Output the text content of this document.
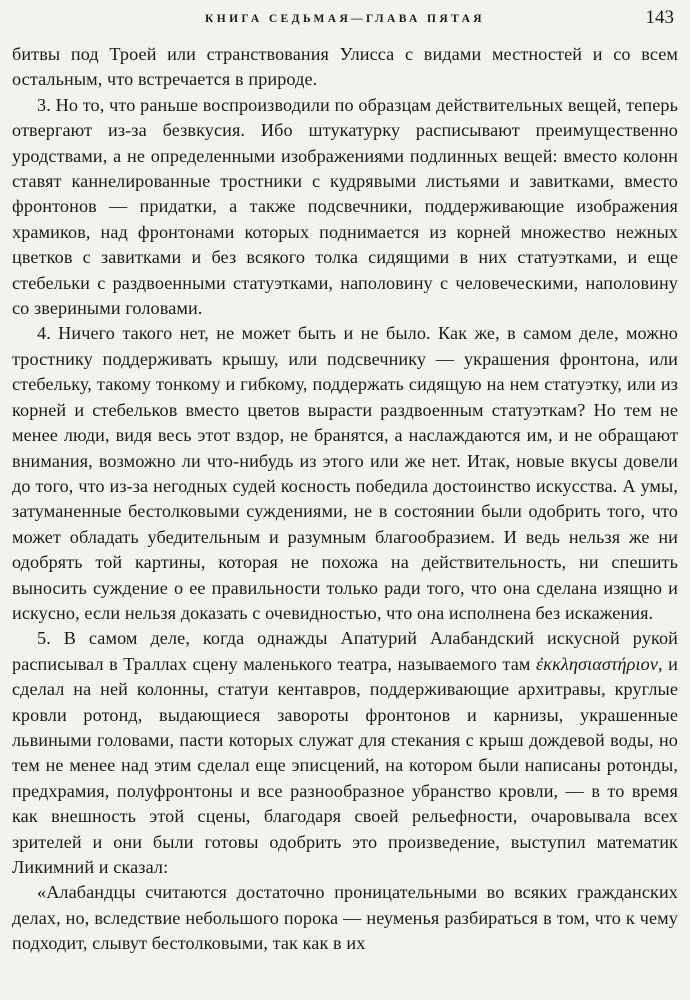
КНИГА СЕДЬМАЯ—ГЛАВА ПЯТАЯ	143

битвы под Троей или странствования Улисса с видами местностей и со всем остальным, что встречается в природе.

3. Но то, что раньше воспроизводили по образцам действительных вещей, теперь отвергают из-за безвкусия. Ибо штукатурку расписывают преимущественно уродствами, а не определенными изображениями подлинных вещей: вместо колонн ставят каннелированные тростники с кудрявыми листьями и завитками, вместо фронтонов — придатки, а также подсвечники, поддерживающие изображения храмиков, над фронтонами которых поднимается из корней множество нежных цветков с завитками и без всякого толка сидящими в них статуэтками, и еще стебельки с раздвоенными статуэтками, наполовину с человеческими, наполовину со звериными головами.

4. Ничего такого нет, не может быть и не было. Как же, в самом деле, можно тростнику поддерживать крышу, или подсвечнику — украшения фронтона, или стебельку, такому тонкому и гибкому, поддержать сидящую на нем статуэтку, или из корней и стебельков вместо цветов вырасти раздвоенным статуэткам? Но тем не менее люди, видя весь этот вздор, не бранятся, а наслаждаются им, и не обращают внимания, возможно ли что-нибудь из этого или же нет. Итак, новые вкусы довели до того, что из-за негодных судей косность победила достоинство искусства. А умы, затуманенные бестолковыми суждениями, не в состоянии были одобрить того, что может обладать убедительным и разумным благообразием. И ведь нельзя же ни одобрять той картины, которая не похожа на действительность, ни спешить выносить суждение о ее правильности только ради того, что она сделана изящно и искусно, если нельзя доказать с очевидностью, что она исполнена без искажения.

5. В самом деле, когда однажды Апатурий Алабандский искусной рукой расписывал в Траллах сцену маленького театра, называемого там ἐκκλησιαστήριον, и сделал на ней колонны, статуи кентавров, поддерживающие архитравы, круглые кровли ротонд, выдающиеся завороты фронтонов и карнизы, украшенные львиными головами, пасти которых служат для стекания с крыш дождевой воды, но тем не менее над этим сделал еще эписцений, на котором были написаны ротонды, предхрамия, полуфронтоны и все разнообразное убранство кровли, — в то время как внешность этой сцены, благодаря своей рельефности, очаровывала всех зрителей и они были готовы одобрить это произведение, выступил математик Ликимний и сказал:

«Алабандцы считаются достаточно проницательными во всяких гражданских делах, но, вследствие небольшого порока — неуменья разбираться в том, что к чему подходит, слывут бестолковыми, так как в их
